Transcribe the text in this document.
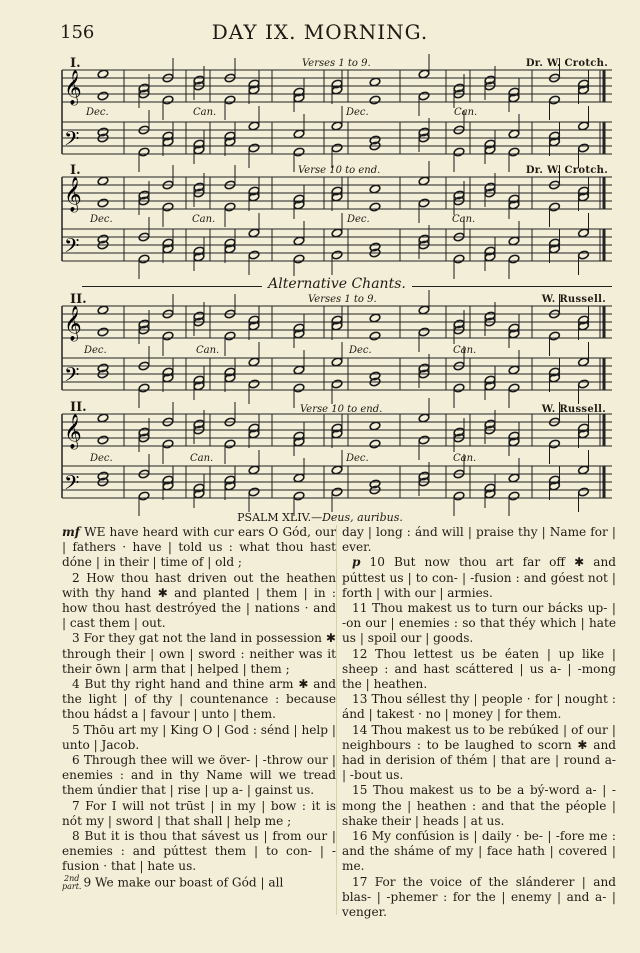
156	DAY IX. MORNING.
I.	Verses 1 to 9.	Dr. W. Crotch.
𝄞
𝄢
Dec.	Can.	Dec.	Can.
I.	Verse 10 to end.	Dr. W. Crotch.
𝄞
𝄢
Dec.	Can.	Dec.	Can.
Alternative Chants.
II.	Verses 1 to 9.	W. Russell.
𝄞
𝄢
Dec.	Can.	Dec.	Can.
II.	Verse 10 to end.	W. Russell.
𝄞
𝄢
Dec.	Can.	Dec.	Can.
PSALM XLIV.—Deus, auribus.

mf WE have heard with cur ears O Gód, our | fathers · have | told us : what thou hast dóne | in their | time of | old ;

2 How thou hast driven out the heathen with thy hand ✱ and planted | them | in : how thou hast destróyed the | nations · and | cast them | out.

3 For they gat not the land in possession ✱ through their | own | sword : neither was it their ōwn | arm that | helped | them ;

4 But thy right hand and thine arm ✱ and the light | of thy | countenance : because thou hádst a | favour | unto | them.

5 Thōu art my | King O | God : sénd | help | unto | Jacob.

6 Through thee will we över- | -throw our | enemies : and in thy Name will we tread them úndier that | rise | up a- | gainst us.

7 For I will not trūst | in my | bow : it is nót my | sword | that shall | help me ;

8 But it is thou that sávest us | from our | enemies : and púttest them | to con- | -fusion · that | hate us.

2nd
part. 9 We make our boast of Gód | all

day | long : ánd will | praise thy | Name for | ever.

p 10 But now thou art far off ✱ and púttest us | to con- | -fusion : and góest not | forth | with our | armies.

11 Thou makest us to turn our bácks up- | -on our | enemies : so that théy which | hate us | spoil our | goods.

12 Thou lettest us be éaten | up like | sheep : and hast scáttered | us a- | -mong the | heathen.

13 Thou séllest thy | people · for | nought : ánd | takest · no | money | for them.

14 Thou makest us to be rebúked | of our | neighbours : to be laughed to scorn ✱ and had in derision of thém | that are | round a- | -bout us.

15 Thou makest us to be a bý-word a- | -mong the | heathen : and that the péople | shake their | heads | at us.

16 My confúsion is | daily · be- | -fore me : and the sháme of my | face hath | covered | me.

17 For the voice of the slánderer | and blas- | -phemer : for the | enemy | and a- | venger.
